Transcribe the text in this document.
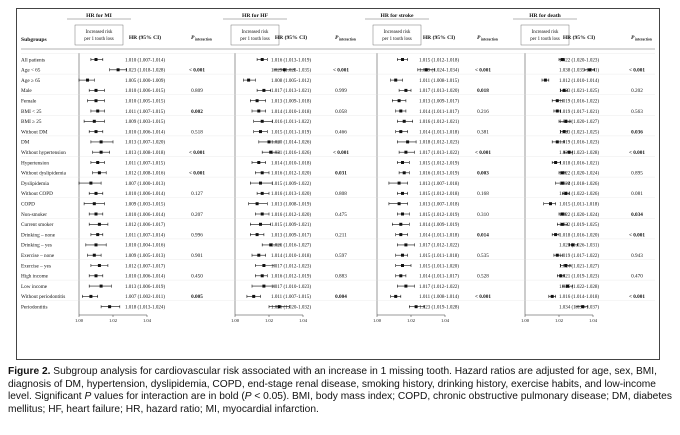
Subgroups
HR for MI
Increased risk
per 1 tooth loss	HR (95% CI)	P interaction
1.00	1.02	1.04
HR for HF
Increased risk
per 1 tooth loss HR (95% CI)	P interaction
1.00	1.02	1.04
HR for stroke
Increased risk
per 1 tooth loss HR (95% CI)	P interaction
1.00	1.02	1.04
HR for death
Increased risk
per 1 tooth loss HR (95% CI)	P interaction
1.00	1.02	1.04
All patients	1.010 (1.007-1.014)	1.016 (1.013-1.019)	1.015 (1.012-1.018)	1.022 (1.020-1.023)
Age < 65	1.023 (1.018-1.028)	< 0.001	1.029 (1.023-1.035)	< 0.001	1.029 (1.024-1.034)	< 0.001	1.038 (1.035-1.041)	< 0.001
Age ≥ 65	1.005 (1.000-1.009)	1.008 (1.005-1.012)	1.011 (1.008-1.015)	1.012 (1.010-1.014)
Male	1.010 (1.006-1.015)	0.809	1.017 (1.013-1.021)	0.999	1.017 (1.013-1.020)	0.018	1.023 (1.021-1.025)	0.202
Female	1.010 (1.005-1.015)	1.013 (1.009-1.018)	1.013 (1.009-1.017)	1.019 (1.016-1.022)
BMI < 25	1.011 (1.007-1.015)	0.002	1.014 (1.010-1.018)	0.058	1.014 (1.011-1.017)	0.216	1.019 (1.017-1.021)	0.563
BMI ≥ 25	1.009 (1.003-1.015)	1.016 (1.011-1.022)	1.016 (1.012-1.021)	1.024 (1.020-1.027)
Without DM	1.010 (1.006-1.014)	0.518	1.015 (1.011-1.019)	0.466	1.014 (1.011-1.018)	0.381	1.023 (1.021-1.025)	0.036
DM	1.013 (1.007-1.020)	1.020 (1.014-1.026)	1.018 (1.012-1.023)	1.019 (1.016-1.023)
Without hypertension	1.013 (1.008-1.018)	< 0.001	1.021 (1.016-1.026)	< 0.001	1.017 (1.013-1.022)	< 0.001	1.026 (1.023-1.028)	< 0.001
Hypertension	1.011 (1.007-1.015)	1.014 (1.010-1.018)	1.015 (1.012-1.019)	1.018 (1.016-1.021)
Without dyslipidemia	1.012 (1.008-1.016)	< 0.001	1.016 (1.012-1.020)	0.031	1.016 (1.013-1.019)	0.003	1.022 (1.020-1.024)	0.895
Dyslipidemia	1.007 (1.000-1.013)	1.015 (1.009-1.022)	1.013 (1.007-1.018)	1.022 (1.018-1.026)
Without COPD	1.010 (1.006-1.014)	0.127	1.016 (1.013-1.020)	0.808	1.015 (1.012-1.018)	0.168	1.024 (1.022-1.026)	0.081
COPD	1.009 (1.003-1.015)	1.013 (1.008-1.019)	1.013 (1.007-1.018)	1.015 (1.011-1.018)
Non-smoker	1.010 (1.006-1.014)	0.207	1.016 (1.012-1.020)	0.475	1.015 (1.012-1.019)	0.310	1.022 (1.020-1.024)	0.034
Current smoker	1.012 (1.006-1.017)	1.015 (1.009-1.021)	1.014 (1.009-1.019)	1.022 (1.019-1.025)
Drinking – none	1.011 (1.007-1.014)	0.996	1.013 (1.009-1.017)	0.211	1.014 (1.011-1.018)	0.014	1.018 (1.016-1.020)	< 0.001
Drinking – yes	1.010 (1.004-1.016)	1.021 (1.016-1.027)	1.017 (1.012-1.022)	1.028 (1.026-1.031)
Exercise – none	1.009 (1.005-1.013)	0.901	1.014 (1.010-1.018)	0.597	1.015 (1.011-1.018)	0.535	1.019 (1.017-1.022)	0.943
Exercise – yes	1.012 (1.007-1.017)	1.017 (1.012-1.023)	1.015 (1.011-1.020)	1.024 (1.021-1.027)
High income	1.010 (1.006-1.014)	0.450	1.016 (1.012-1.019)	0.883	1.014 (1.011-1.017)	0.528	1.021 (1.019-1.023)	0.470
Low income	1.013 (1.006-1.019)	1.017 (1.010-1.023)	1.017 (1.012-1.022)	1.025 (1.022-1.028)
Without periodontitis	1.007 (1.002-1.011)	0.005	1.011 (1.007-1.015)	0.004	1.011 (1.008-1.014)	< 0.001	1.016 (1.014-1.018)	< 0.001
Periodontitis	1.018 (1.013-1.024)	1.026 (1.020-1.032)	1.023 (1.019-1.028)	1.034 (1.030-1.037)
Figure 2. Subgroup analysis for cardiovascular risk associated with an increase in 1 missing tooth. Hazard ratios are adjusted for age, sex, BMI, diagnosis of DM, hypertension, dyslipidemia, COPD, end-stage renal disease, smoking history, drinking history, exercise habits, and low-income level. Significant P values for interaction are in bold (P < 0.05). BMI, body mass index; COPD, chronic obstructive pulmonary disease; DM, diabetes mellitus; HF, heart failure; HR, hazard ratio; MI, myocardial infarction.
